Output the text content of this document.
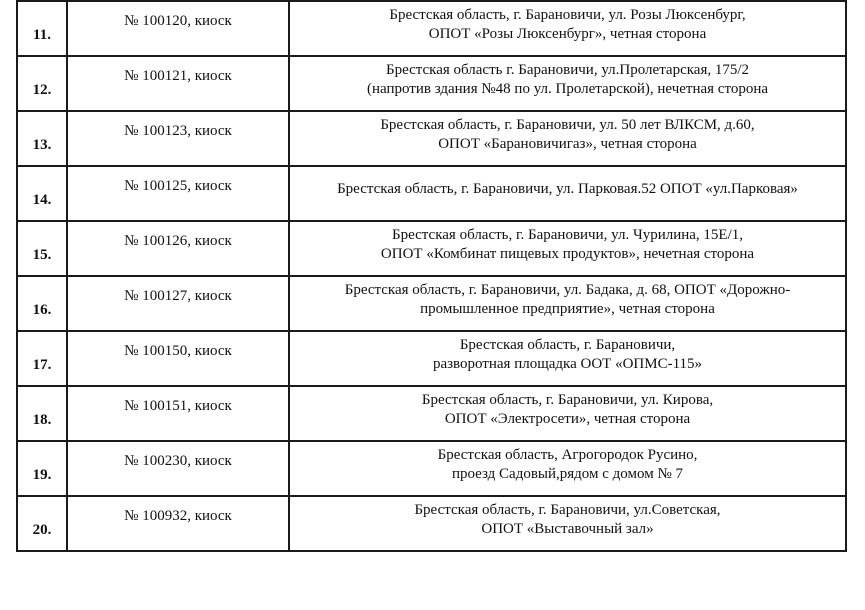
11.	№ 100120, киоск	Брестская область, г. Барановичи, ул. Розы Люксенбург,
ОПОТ «Розы Люксенбург», четная сторона

12.	№ 100121, киоск	Брестская область г. Барановичи, ул.Пролетарская, 175/2
(напротив здания №48 по ул. Пролетарской), нечетная сторона

13.	№ 100123, киоск	Брестская область, г. Барановичи, ул. 50 лет ВЛКСМ, д.60,
ОПОТ «Барановичигаз», четная сторона

14.	№ 100125, киоск	Брестская область, г. Барановичи, ул. Парковая.52 ОПОТ «ул.Парковая»

15.	№ 100126, киоск	Брестская область, г. Барановичи, ул. Чурилина, 15Е/1,
ОПОТ «Комбинат пищевых продуктов», нечетная сторона

16.	№ 100127, киоск	Брестская область, г. Барановичи, ул. Бадака, д. 68, ОПОТ «Дорожно-
промышленное предприятие», четная сторона

17.	№ 100150, киоск	Брестская область, г. Барановичи,
разворотная площадка ООТ «ОПМС-115»

18.	№ 100151, киоск	Брестская область, г. Барановичи, ул. Кирова,
ОПОТ «Электросети», четная сторона

19.	№ 100230, киоск	Брестская область, Агрогородок Русино,
проезд Садовый,рядом с домом № 7

20.	№ 100932, киоск	Брестская область, г. Барановичи, ул.Советская,
ОПОТ «Выставочный зал»
